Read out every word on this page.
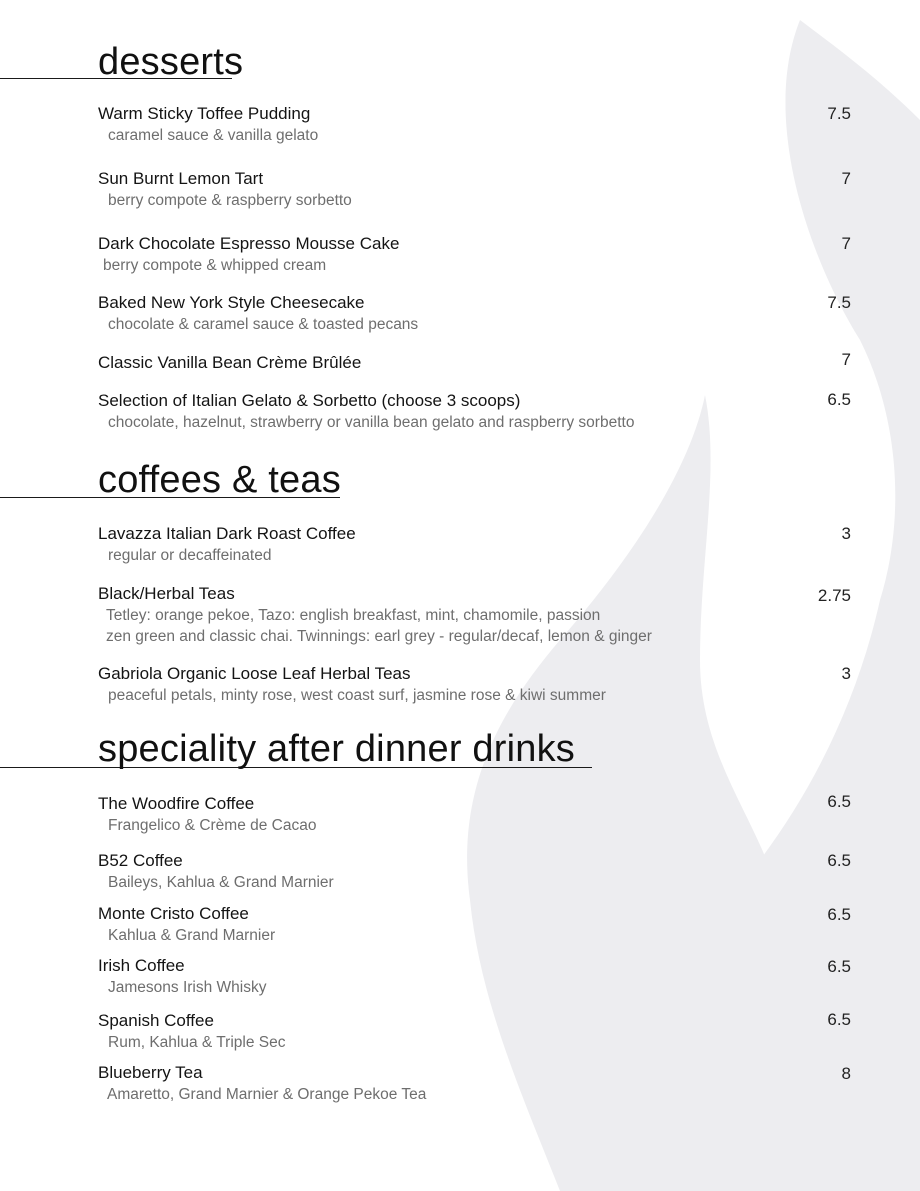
desserts
Warm Sticky Toffee Pudding
caramel sauce & vanilla gelato
7.5
Sun Burnt Lemon Tart
berry compote & raspberry sorbetto
7
Dark Chocolate Espresso Mousse Cake
berry compote & whipped cream
7
Baked New York Style Cheesecake
chocolate & caramel sauce & toasted pecans
7.5
Classic Vanilla Bean Crème Brûlée	7
Selection of Italian Gelato & Sorbetto (choose 3 scoops)
chocolate, hazelnut, strawberry or vanilla bean gelato and raspberry sorbetto
6.5
coffees & teas
Lavazza Italian Dark Roast Coffee
regular or decaffeinated
3
Black/Herbal Teas
Tetley: orange pekoe, Tazo: english breakfast, mint, chamomile, passion
zen green and classic chai. Twinnings: earl grey - regular/decaf, lemon & ginger
2.75
Gabriola Organic Loose Leaf Herbal Teas
peaceful petals, minty rose, west coast surf, jasmine rose & kiwi summer
3
speciality after dinner drinks
The Woodfire Coffee
Frangelico & Crème de Cacao
6.5
B52 Coffee
Baileys, Kahlua & Grand Marnier
6.5
Monte Cristo Coffee
Kahlua & Grand Marnier
6.5
Irish Coffee
Jamesons Irish Whisky
6.5
Spanish Coffee
Rum, Kahlua & Triple Sec
6.5
Blueberry Tea
Amaretto, Grand Marnier & Orange Pekoe Tea
8
